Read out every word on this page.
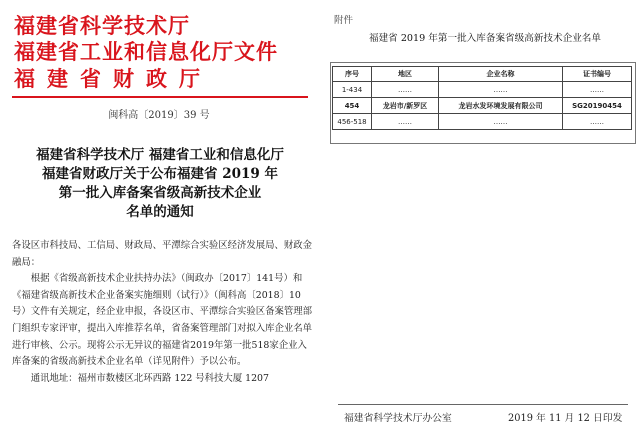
福建省科学技术厅
福建省工业和信息化厅文件
福建省财政厅
闽科高〔2019〕39 号
福建省科学技术厅 福建省工业和信息化厅
福建省财政厅关于公布福建省 2019 年
第一批入库备案省级高新技术企业
名单的通知

各设区市科技局、工信局、财政局、平潭综合实验区经济发展局、财政金融局：

根据《省级高新技术企业扶持办法》（闽政办〔2017〕141号）和《福建省级高新技术企业备案实施细则（试行）》（闽科高〔2018〕10号）文件有关规定，经企业申报，各设区市、平潭综合实验区备案管理部门组织专家评审，提出入库推荐名单，省备案管理部门对拟入库企业名单进行审核、公示。现将公示无异议的福建省2019年第一批518家企业入库备案的省级高新技术企业名单（详见附件）予以公布。

通讯地址：福州市数楼区北环西路 122 号科技大厦 1207

附件
福建省 2019 年第一批入库备案省级高新技术企业名单
序号	地区	企业名称	证书编号
1-434	……	……	……
454	龙岩市/新罗区	龙岩水发环境发展有限公司	SG20190454
456-518	……	……	……
福建省科学技术厅办公室	2019 年 11 月 12 日印发
